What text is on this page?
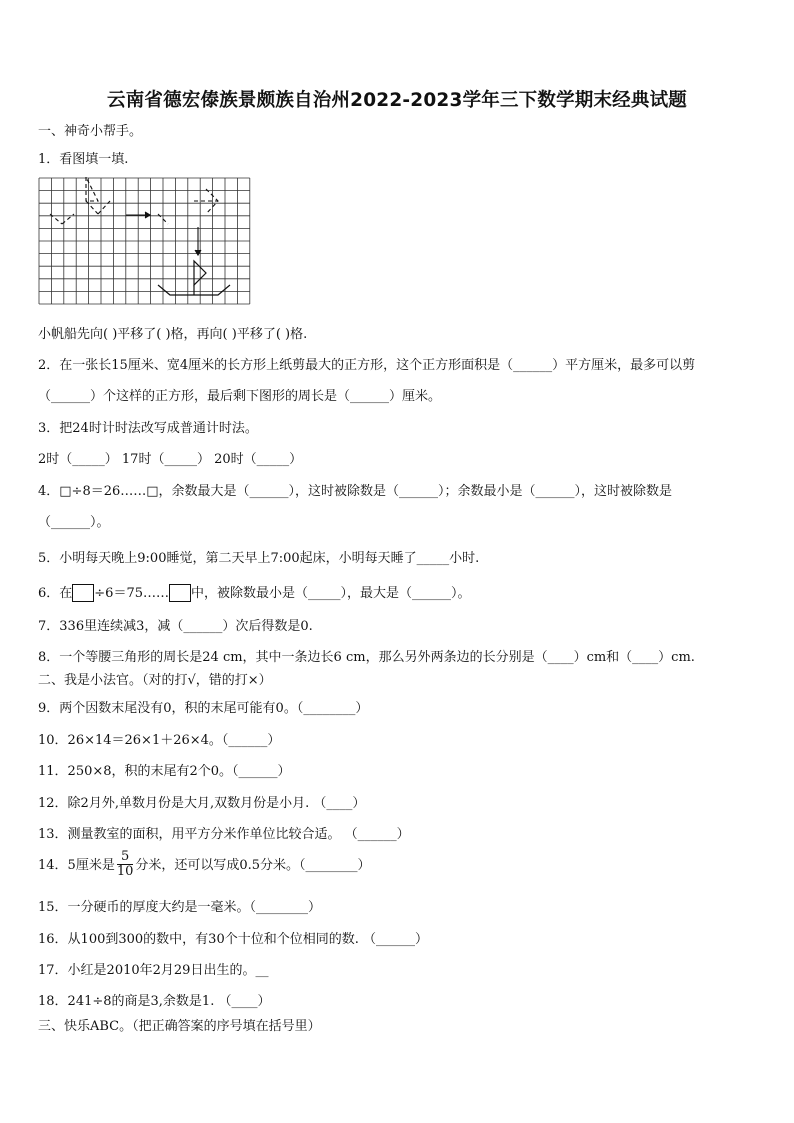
云南省德宏傣族景颇族自治州2022-2023学年三下数学期末经典试题
一、神奇小帮手。
1．看图填一填.
小帆船先向( )平移了( )格，再向( )平移了( )格.
2．在一张长15厘米、宽4厘米的长方形上纸剪最大的正方形，这个正方形面积是（______）平方厘米，最多可以剪
（______）个这样的正方形，最后剩下图形的周长是（______）厘米。
3．把24时计时法改写成普通计时法。
2时（_____） 17时（_____） 20时（_____）
4．□÷8＝26……□，余数最大是（______），这时被除数是（______）；余数最小是（______），这时被除数是
（______）。
5．小明每天晚上9:00睡觉，第二天早上7:00起床，小明每天睡了_____小时.
6．在 ÷6＝75…… 中，被除数最小是（_____），最大是（______）。
7．336里连续减3，减（______）次后得数是0.
8．一个等腰三角形的周长是24 cm，其中一条边长6 cm，那么另外两条边的长分别是（____）cm和（____）cm.
二、我是小法官。（对的打√，错的打×）
9．两个因数末尾没有0，积的末尾可能有0。（________）
10．26×14＝26×1＋26×4。（______）
11．250×8，积的末尾有2个0。（______）
12．除2月外,单数月份是大月,双数月份是小月. （____）
13．测量教室的面积，用平方分米作单位比较合适。 （______）
14．5厘米是 $\frac{5}{10}$ 分米，还可以写成0.5分米。（________）
15．一分硬币的厚度大约是一毫米。（________）
16．从100到300的数中，有30个十位和个位相同的数. （______）
17．小红是2010年2月29日出生的。__
18．241÷8的商是3,余数是1. （____）
三、快乐ABC。（把正确答案的序号填在括号里）
